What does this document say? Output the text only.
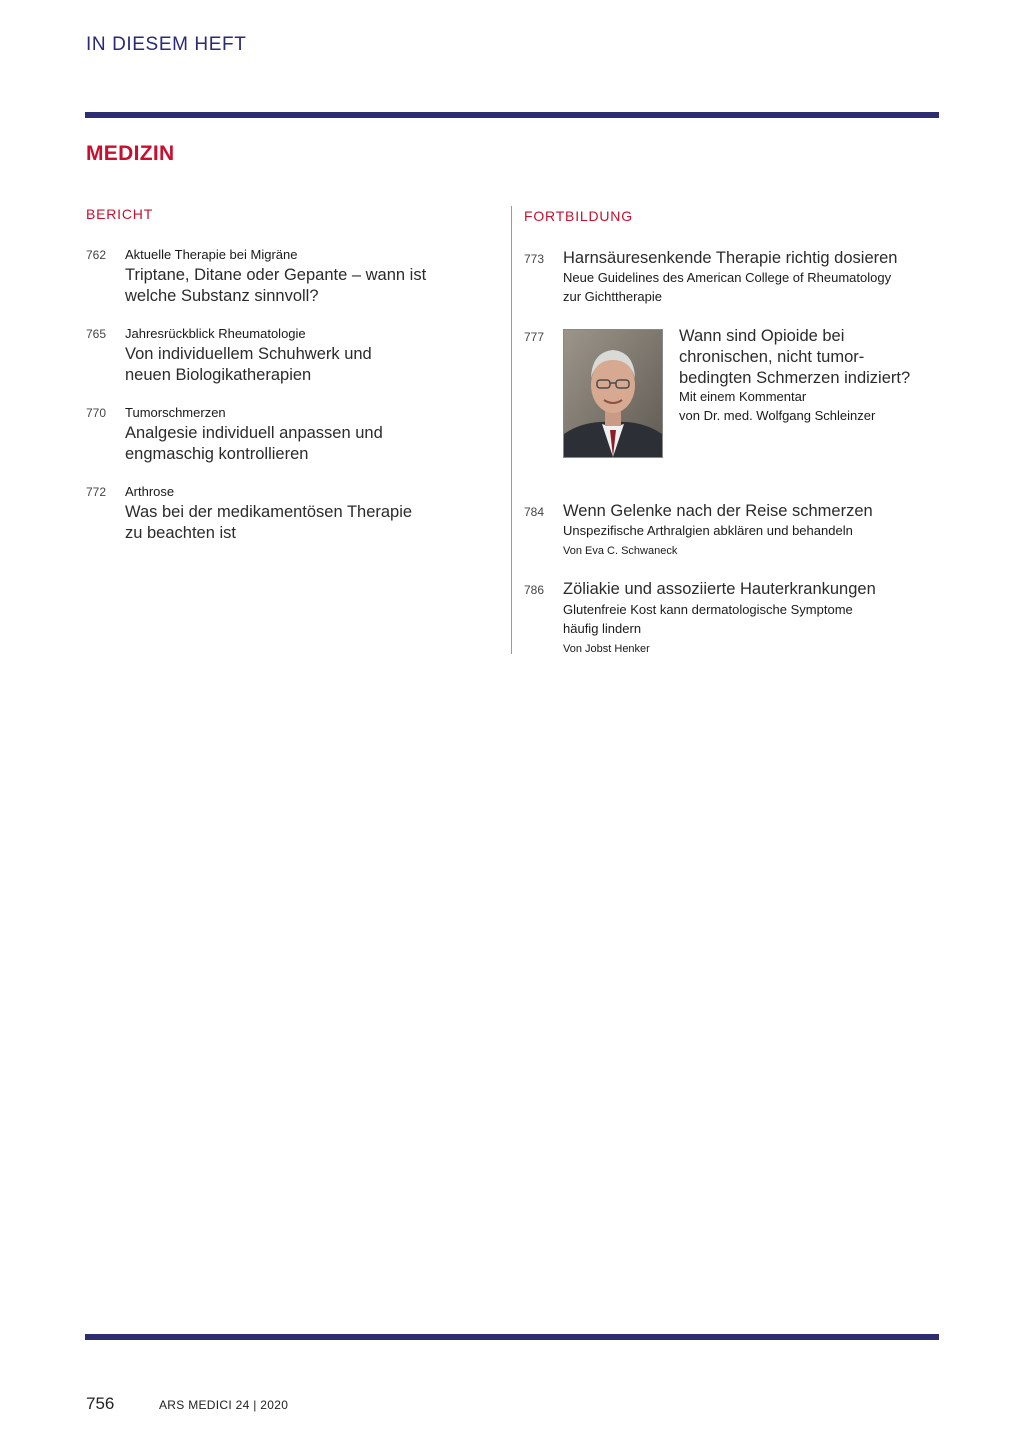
IN DIESEM HEFT
MEDIZIN
BERICHT
762 Aktuelle Therapie bei Migräne
Triptane, Ditane oder Gepante – wann ist
welche Substanz sinnvoll?
765 Jahresrückblick Rheumatologie
Von individuellem Schuhwerk und
neuen Biologikatherapien
770 Tumorschmerzen
Analgesie individuell anpassen und
engmaschig kontrollieren
772 Arthrose
Was bei der medikamentösen Therapie
zu beachten ist
FORTBILDUNG
773 Harnsäuresenkende Therapie richtig dosieren
Neue Guidelines des American College of Rheumatology
zur Gichttherapie
777	Wann sind Opioide bei
chronischen, nicht tumor-
bedingten Schmerzen indiziert?
Mit einem Kommentar
von Dr. med. Wolfgang Schleinzer
784 Wenn Gelenke nach der Reise schmerzen
Unspezifische Arthralgien abklären und behandeln
Von Eva C. Schwaneck
786 Zöliakie und assoziierte Hauterkrankungen
Glutenfreie Kost kann dermatologische Symptome
häufig lindern
Von Jobst Henker
756	ARS MEDICI 24 | 2020
